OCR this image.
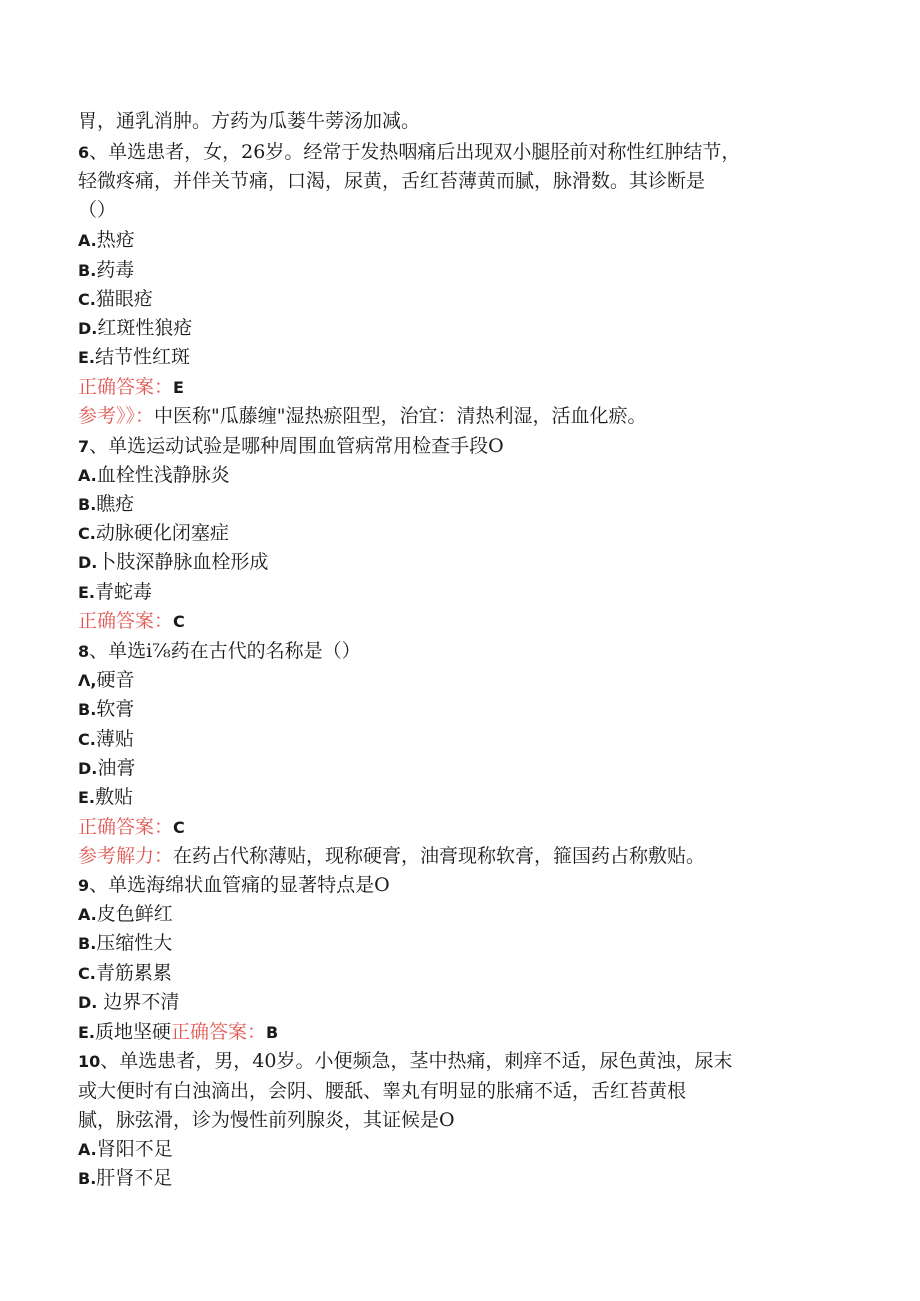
胃，通乳消肿。方药为瓜蒌牛蒡汤加减。
6、单选患者，女，26岁。经常于发热咽痛后出现双小腿胫前对称性红肿结节，
轻微疼痛，并伴关节痛，口渴，尿黄，舌红苔薄黄而腻，脉滑数。其诊断是
（）
A.热疮
B.药毒
C.猫眼疮
D.红斑性狼疮
E.结节性红斑
正确答案：E
参考》》：中医称"瓜藤缠"湿热瘀阻型，治宜：清热利湿，活血化瘀。
7、单选运动试验是哪种周围血管病常用检查手段O
A.血栓性浅静脉炎
B.瞧疮
C.动脉硬化闭塞症
D.卜肢深静脉血栓形成
E.青蛇毒
正确答案：C
8、单选i⅞药在古代的名称是（）
Λ,硬音
B.软膏
C.薄贴
D.油膏
E.敷贴
正确答案：C
参考解力：在药占代称薄贴，现称硬膏，油膏现称软膏，箍国药占称敷贴。
9、单选海绵状血管痛的显著特点是O
A.皮色鲜红
B.压缩性大
C.青筋累累
D. 边界不清
E.质地坚硬正确答案：B
10、单选患者，男，40岁。小便频急，茎中热痛，刺痒不适，尿色黄浊，尿末
或大便时有白浊滴出，会阴、腰舐、睾丸有明显的胀痛不适，舌红苔黄根
腻，脉弦滑，诊为慢性前列腺炎，其证候是O
A.肾阳不足
B.肝肾不足
